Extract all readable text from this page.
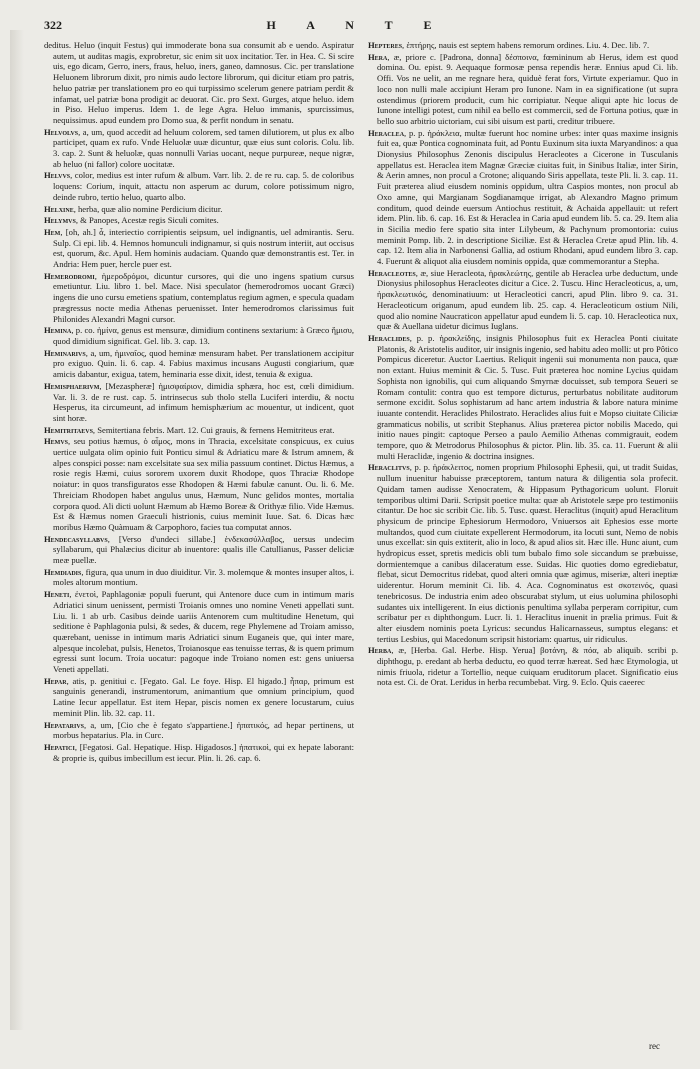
322	H A N T E

deditus. Heluo (inquit Festus) qui immoderate bona sua consumit ab e uendo. Aspiratur autem, ut auditas magis, exprobretur, sic enim sit uox incitatior. Ter. in Hea. C. Si scire uis, ego dicam, Gerro, iners, fraus, heluo, iners, ganeo, damnosus. Cic. per translatione Heluonem librorum dixit, pro nimis audo lectore librorum, qui dicitur etiam pro patris, heluo patriæ per translationem pro eo qui turpissimo scelerum genere patriam perdit & infamat, uel patriæ bona prodigit ac deuorat. Cic. pro Sext. Gurges, atque heluo. idem in Piso. Heluo imperus. Idem 1. de lege Agra. Heluo immanis, spurcissimus, nequissimus. apud eundem pro Domo sua, & perfit nondum in senatu.

Helvolvs, a, um, quod accedit ad heluum colorem, sed tamen dilutiorem, ut plus ex albo participet, quam ex rufo. Vnde Heluolæ uuæ dicuntur, quæ eius sunt coloris. Colu. lib. 3. cap. 2. Sunt & heluolæ, quas nonnulli Varias uocant, neque purpureæ, neque nigræ, ab heluo (ni fallor) colore uocitatæ.

Helvvs, color, medius est inter rufum & album. Varr. lib. 2. de re ru. cap. 5. de coloribus loquens: Corium, inquit, attactu non asperum ac durum, colore potissimum nigro, deinde rubro, tertio heluo, quarto albo.

Helxine, herba, quæ alio nomine Perdicium dicitur.

Helymvs, & Panopes, Acestæ regis Siculi comites.

Hem, [oh, ah.] ἆ, interiectio corripientis seipsum, uel indignantis, uel admirantis. Seru. Sulp. Ci epi. lib. 4. Hemnos homunculi indignamur, si quis nostrum interiit, aut occisus est, quorum, &c. Apul. Hem hominis audaciam. Quando quæ demonstrantis est. Ter. in Andria: Hem puer, hercle puer est.

Hemerodromi, ἡμεροδρόμοι, dicuntur cursores, qui die uno ingens spatium cursus emetiuntur. Liu. libro 1. bel. Mace. Nisi speculator (hemerodromos uocant Græci) ingens die uno cursu emetiens spatium, contemplatus regium agmen, e specula quadam prægressus nocte media Athenas peruenisset. Inter hemerodromos clarissimus fuit Philonides Alexandri Magni cursor.

Hemina, p. co. ἡμίνα, genus est mensuræ, dimidium continens sextarium: à Græco ἥμισυ, quod dimidium significat. Gel. lib. 3. cap. 13.

Heminarivs, a, um, ἡμιναῖος, quod heminæ mensuram habet. Per translationem accipitur pro exiguo. Quin. li. 6. cap. 4. Fabius maximus incusans Augusti congiarium, quæ amicis dabantur, exigua, tatem, heminaria esse dixit, idest, tenuia & exigua.

Hemisphaerivm, [Mezaspheræ] ἡμισφαίριον, dimidia sphæra, hoc est, cœli dimidium. Var. li. 3. de re rust. cap. 5. intrinsecus sub tholo stella Luciferi interdiu, & noctu Hesperus, ita circumeunt, ad infimum hemisphærium ac mouentur, ut indicent, quot sint horæ.

Hemitritaevs, Semitertiana febris. Mart. 12. Cui grauis, & fernens Hemitriteus erat.

Hemvs, seu potius hæmus, ὁ αἶμος, mons in Thracia, excelsitate conspicuus, ex cuius uertice uulgata olim opinio fuit Ponticu simul & Adriaticu mare & Istrum amnem, & alpes conspici posse: nam excelsitate sua sex milia passuum continet. Dictus Hæmus, a rosie regis Hæmi, cuius sororem uxorem duxit Rhodope, quos Thraciæ Rhodope noiatur: in quos transfiguratos esse Rhodopen & Hæmi fabulæ canunt. Ou. li. 6. Me. Threiciam Rhodopen habet angulus unus, Hæmum, Nunc gelidos montes, mortalia corpora quod. Ali dicti uolunt Hæmum ab Hæmo Boreæ & Orithyæ filio. Vide Hæmus. Est & Hæmus nomen Graeculi histrionis, cuius meminit Iuue. Sat. 6. Dicas hæc moribus Hæmo Quàmuam & Carpophoro, facies tua computat annos.

Hendecasyllabvs, [Verso d'undeci sillabe.] ἑνδεκασύλλαβος, uersus undecim syllabarum, qui Phalæcius dicitur ab inuentore: qualis ille Catullianus, Passer deliciæ meæ puellæ.

Hemdiadis, figura, qua unum in duo diuiditur. Vir. 3. molemque & montes insuper altos, i. moles altorum montium.

Heneti, ἐνετοὶ, Paphlagoniæ populi fuerunt, qui Antenore duce cum in intimum maris Adriatici sinum uenissent, permisti Troianis omnes uno nomine Veneti appellati sunt. Liu. li. 1 ab urb. Casibus deinde uariis Antenorem cum multitudine Henetum, qui seditione è Paphlagonia pulsi, & sedes, & ducem, rege Phylemene ad Troiam amisso, quærebant, uenisse in intimum maris Adriatici sinum Euganeis que, qui inter mare, alpesque incolebat, pulsis, Henetos, Troianosque eas tenuisse terras, & is quem primum egressi sunt locum. Troia uocatur: pagoque inde Troiano nomen est: gens uniuersa Veneti appellati.

Hepar, atis, p. genitiui c. [Fegato. Gal. Le foye. Hisp. El higado.] ἧπαρ, primum est sanguinis generandi, instrumentorum, animantium que omnium principium, quod Latine Iecur appellatur. Est item Hepar, piscis nomen ex genere locustarum, cuius meminit Plin. lib. 32. cap. 11.

Hepatarivs, a, um, [Cio che è fegato s'appartiene.] ἡπατικός, ad hepar pertinens, ut morbus hepatarius. Pla. in Curc.

Hepatici, [Fegatosi. Gal. Hepatique. Hisp. Higadosos.] ἡπατικοὶ, qui ex hepate laborant: & proprie is, quibus imbecillum est iecur. Plin. li. 26. cap. 6.

Hepteres, ἑπτήρης, nauis est septem habens remorum ordines. Liu. 4. Dec. lib. 7.

Hera, æ, priore c. [Padrona, donna] δέσποινα, fœmininum ab Herus, idem est quod domina. Ou. epist. 9. Aequaque formosæ pensa rependis heræ. Ennius apud Ci. lib. Offi. Vos ne uelit, an me regnare hera, quiduè ferat fors, Virtute experiamur. Quo in loco non nulli male accipiunt Heram pro Iunone. Nam in ea significatione (ut supra ostendimus (priorem producit, cum hic corripiatur. Neque aliqui apte hic locus de Iunone intelligi potest, cum nihil ea bello est commercii, sed de Fortuna potius, quæ in bello suo arbitrio uictoriam, cui sibi uisum est parti, creditur tribuere.

Heraclea, p. p. ἡράκλεια, multæ fuerunt hoc nomine urbes: inter quas maxime insignis fuit ea, quæ Pontica cognominata fuit, ad Pontu Euxinum sita iuxta Maryandinos: a qua Dionysius Philosophus Zenonis discipulus Heracleotes a Cicerone in Tusculanis appellatus est. Heraclea item Magnæ Græciæ ciuitas fuit, in Sinibus Italiæ, inter Sirin, & Aerin amnes, non procul a Crotone; aliquando Siris appellata, teste Pli. li. 3. cap. 11. Fuit præterea aliud eiusdem nominis oppidum, ultra Caspios montes, non procul ab Oxo amne, qui Margianam Sogdianamque irrigat, ab Alexandro Magno primum conditum, quod deinde euersum Antiochus restituit, & Achaida appellauit: ut refert idem. Plin. lib. 6. cap. 16. Est & Heraclea in Caria apud eundem lib. 5. ca. 29. Item alia in Sicilia medio fere spatio sita inter Lilybeum, & Pachynum promontoria: cuius meminit Pomp. lib. 2. in descriptione Siciliæ. Est & Heraclea Cretæ apud Plin. lib. 4. cap. 12. Item alia in Narbonensi Gallia, ad ostium Rhodani, apud eundem libro 3. cap. 4. Fuerunt & aliquot alia eiusdem nominis oppida, quæ commemorantur a Stepha.

Heracleotes, æ, siue Heracleota, ἡρακλεώτης, gentile ab Heraclea urbe deductum, unde Dionysius philosophus Heracleotes dicitur a Cice. 2. Tuscu. Hinc Heracleoticus, a, um, ἡρακλεωτικός, denominatiuum: ut Heracleotici cancri, apud Plin. libro 9. ca. 31. Heracleoticum origanum, apud eundem lib. 25. cap. 4. Heracleoticum ostium Nili, quod alio nomine Naucraticon appellatur apud eundem li. 5. cap. 10. Heracleotica nux, quæ & Auellana uidetur dicimus Iuglans.

Heraclides, p. p. ἡρακλείδης, insignis Philosophus fuit ex Heraclea Ponti ciuitate Platonis, & Aristotelis auditor, uir insignis ingenio, sed habitu adeo molli: ut pro Pôtico Pompicus diceretur. Auctor Laertius. Reliquit ingenii sui monumenta non pauca, quæ non extant. Huius meminit & Cic. 5. Tusc. Fuit præterea hoc nomine Lycius quidam Sophista non ignobilis, qui cum aliquando Smyrnæ docuisset, sub tempora Seueri se Romam contulit: contra quo est tempore dicturus, perturbatus nobilitate auditorum sermone excidit. Solus sophistarum ad hanc artem industria & labore natura minime iuuante contendit. Heraclides Philostrato. Heraclides alius fuit e Mopso ciuitate Ciliciæ grammaticus nobilis, ut scribit Stephanus. Alius præterea pictor nobilis Macedo, qui initio naues pingit: captoque Perseo a paulo Aemilio Athenas commigrauit, eodem tempore, quo & Metrodorus Philosophus & pictor. Plin. lib. 35. ca. 11. Fuerunt & alii multi Heraclidæ, ingenio & doctrina insignes.

Heraclitvs, p. p. ἡράκλειτος, nomen proprium Philosophi Ephesii, qui, ut tradit Suidas, nullum inuenitur habuisse præceptorem, tantum natura & diligentia sola profecit. Quidam tamen audisse Xenocratem, & Hippasum Pythagoricum uolunt. Floruit temporibus ultimi Darii. Scripsit poetice multa: quæ ab Aristotele sæpe pro testimoniis citantur. De hoc sic scribit Cic. lib. 5. Tusc. quæst. Heraclitus (inquit) apud Heraclitum physicum de principe Ephesiorum Hermodoro, Vniuersos ait Ephesios esse morte multandos, quod cum ciuitate expellerent Hermodorum, ita locuti sunt, Nemo de nobis unus excellat: sin quis extiterit, alio in loco, & apud alios sit. Hæc ille. Hunc aiunt, cum hydropicus esset, spretis medicis obli tum bubalo fimo sole siccandum se præbuisse, dormientemque a canibus dilaceratum esse. Suidas. Hic quoties domo egrediebatur, flebat, sicut Democritus ridebat, quod alteri omnia quæ agimus, miseriæ, alteri ineptiæ uiderentur. Horum meminit Ci. lib. 4. Aca. Cognominatus est σκοτεινός, quasi tenebricosus. De industria enim adeo obscurabat stylum, ut eius uolumina philosophi sudantes uix intelligerent. In eius dictionis penultima syllaba perperam corripitur, cum scribatur per ει diphthongum. Lucr. li. 1. Heraclitus inuenit in prælia primus. Fuit & alter eiusdem nominis poeta Lyricus: secundus Halicarnasseus, sumptus elegans: et tertius Lesbius, qui Macedonum scripsit historiam: quartus, uir ridiculus.

Herba, æ, [Herba. Gal. Herbe. Hisp. Yerua] βοτάνη, & πόα, ab aliquib. scribi p. diphthogu, p. eredant ab herba deductu, eo quod terræ hæreat. Sed hæc Etymologia, ut nimis friuola, ridetur a Tortellio, neque cuiquam eruditorum placet. Significatio eius nota est. Ci. de Orat. Leridus in herba recumbebat. Virg. 9. Eclo. Quis caeerec

rec
